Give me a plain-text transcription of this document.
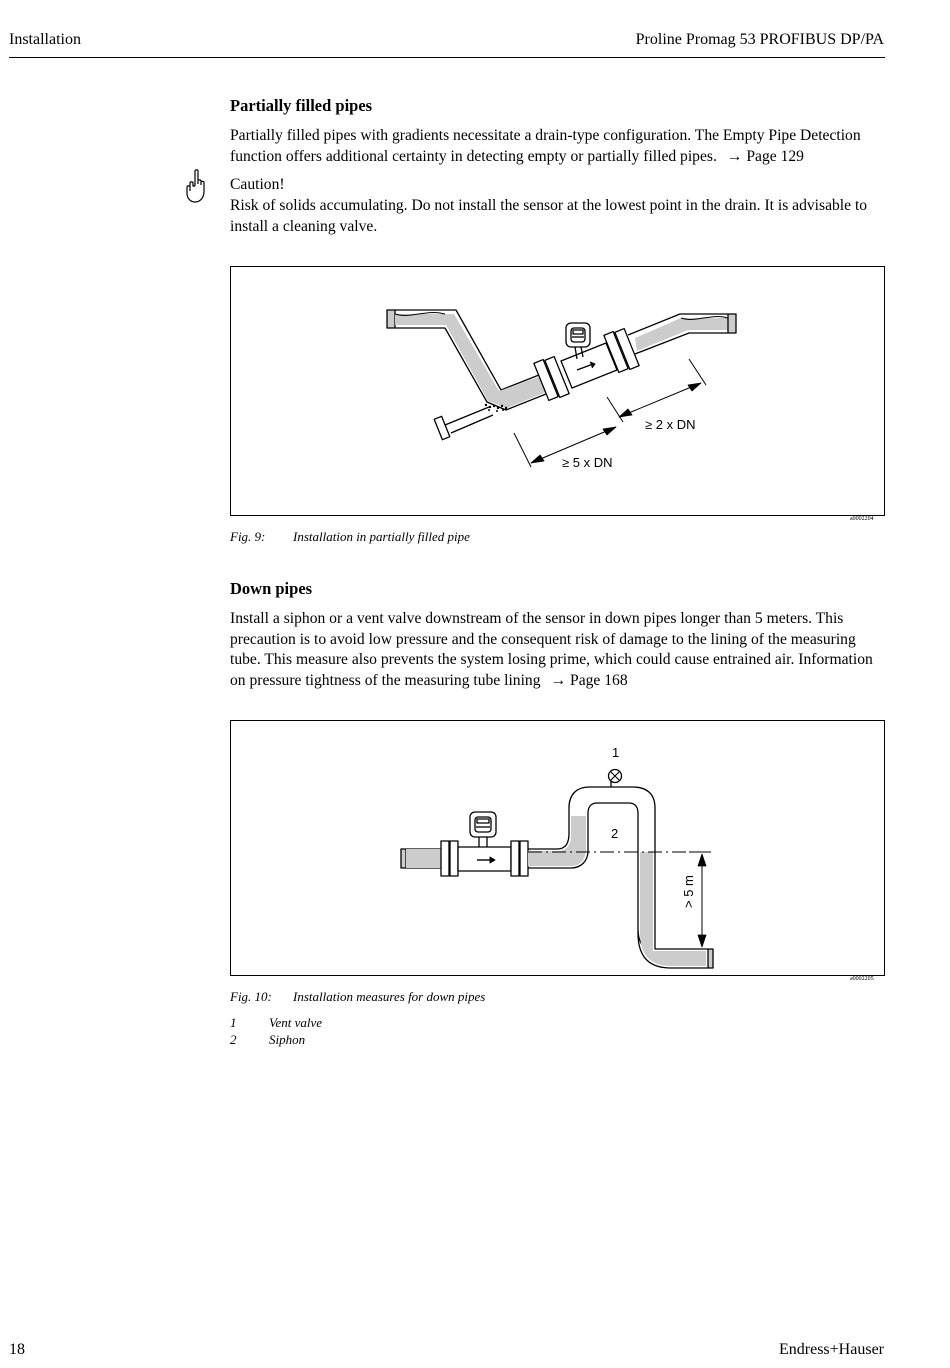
Installation	Proline Promag 53 PROFIBUS DP/PA
Partially filled pipes
Partially filled pipes with gradients necessitate a drain-type configuration. The Empty Pipe Detection function offers additional certainty in detecting empty or partially filled pipes. → Page 129
Caution!
Risk of solids accumulating. Do not install the sensor at the lowest point in the drain. It is advisable to install a cleaning valve.
≥ 2 x DN
≥ 5 x DN
a0002204
Fig. 9: Installation in partially filled pipe
Down pipes
Install a siphon or a vent valve downstream of the sensor in down pipes longer than 5 meters. This precaution is to avoid low pressure and the consequent risk of damage to the lining of the measuring tube. This measure also prevents the system losing prime, which could cause entrained air. Information on pressure tightness of the measuring tube lining → Page 168
1
2
> 5 m
a0002205
Fig. 10: Installation measures for down pipes
1	Vent valve
2	Siphon
18	Endress+Hauser
